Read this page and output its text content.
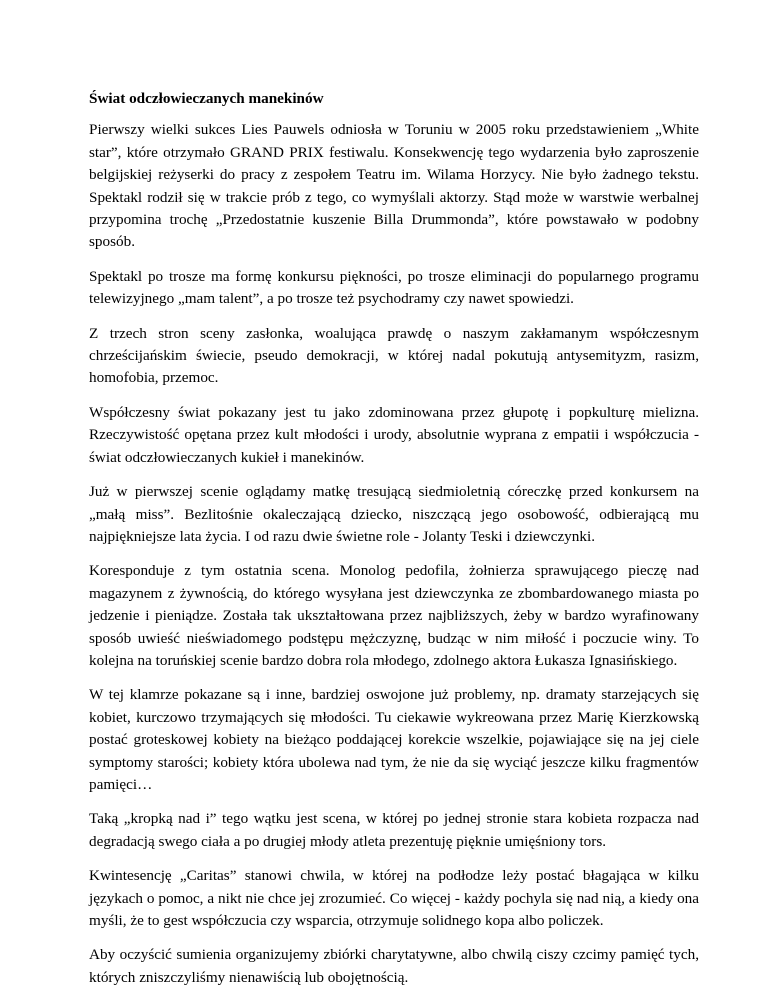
Świat odczłowieczanych manekinów

Pierwszy wielki sukces Lies Pauwels odniosła w Toruniu w 2005 roku przedstawieniem „White star”, które otrzymało GRAND PRIX festiwalu. Konsekwencję tego wydarzenia było zaproszenie belgijskiej reżyserki do pracy z zespołem Teatru im. Wilama Horzycy. Nie było żadnego tekstu. Spektakl rodził się w trakcie prób z tego, co wymyślali aktorzy. Stąd może w warstwie werbalnej przypomina trochę „Przedostatnie kuszenie Billa Drummonda”, które powstawało w podobny sposób.

Spektakl po trosze ma formę konkursu piękności, po trosze eliminacji do popularnego programu telewizyjnego „mam talent”, a po trosze też psychodramy czy nawet spowiedzi.

Z trzech stron sceny zasłonka, woalująca prawdę o naszym zakłamanym współczesnym chrześcijańskim świecie, pseudo demokracji, w której nadal pokutują antysemityzm, rasizm, homofobia, przemoc.

Współczesny świat pokazany jest tu jako zdominowana przez głupotę i popkulturę mielizna. Rzeczywistość opętana przez kult młodości i urody, absolutnie wyprana z empatii i współczucia - świat odczłowieczanych kukieł i manekinów.

Już w pierwszej scenie oglądamy matkę tresującą siedmioletnią córeczkę przed konkursem na „małą miss”. Bezlitośnie okaleczającą dziecko, niszczącą jego osobowość, odbierającą mu najpiękniejsze lata życia. I od razu dwie świetne role - Jolanty Teski i dziewczynki.

Koresponduje z tym ostatnia scena. Monolog pedofila, żołnierza sprawującego pieczę nad magazynem z żywnością, do którego wysyłana jest dziewczynka ze zbombardowanego miasta po jedzenie i pieniądze. Została tak ukształtowana przez najbliższych, żeby w bardzo wyrafinowany sposób uwieść nieświadomego podstępu mężczyznę, budząc w nim miłość i poczucie winy. To kolejna na toruńskiej scenie bardzo dobra rola młodego, zdolnego aktora Łukasza Ignasińskiego.

W tej klamrze pokazane są i inne, bardziej oswojone już problemy, np. dramaty starzejących się kobiet, kurczowo trzymających się młodości. Tu ciekawie wykreowana przez Marię Kierzkowską postać groteskowej kobiety na bieżąco poddającej korekcie wszelkie, pojawiające się na jej ciele symptomy starości; kobiety która ubolewa nad tym, że nie da się wyciąć jeszcze kilku fragmentów pamięci…

Taką „kropką nad i” tego wątku jest scena, w której po jednej stronie stara kobieta rozpacza nad degradacją swego ciała a po drugiej młody atleta prezentuję pięknie umięśniony tors.

Kwintesencję „Caritas” stanowi chwila, w której na podłodze leży postać błagająca w kilku językach o pomoc, a nikt nie chce jej zrozumieć. Co więcej - każdy pochyla się nad nią, a kiedy ona myśli, że to gest współczucia czy wsparcia, otrzymuje solidnego kopa albo policzek.

Aby oczyścić sumienia organizujemy zbiórki charytatywne, albo chwilą ciszy czcimy pamięć tych, których zniszczyliśmy nienawiścią lub obojętnością.
